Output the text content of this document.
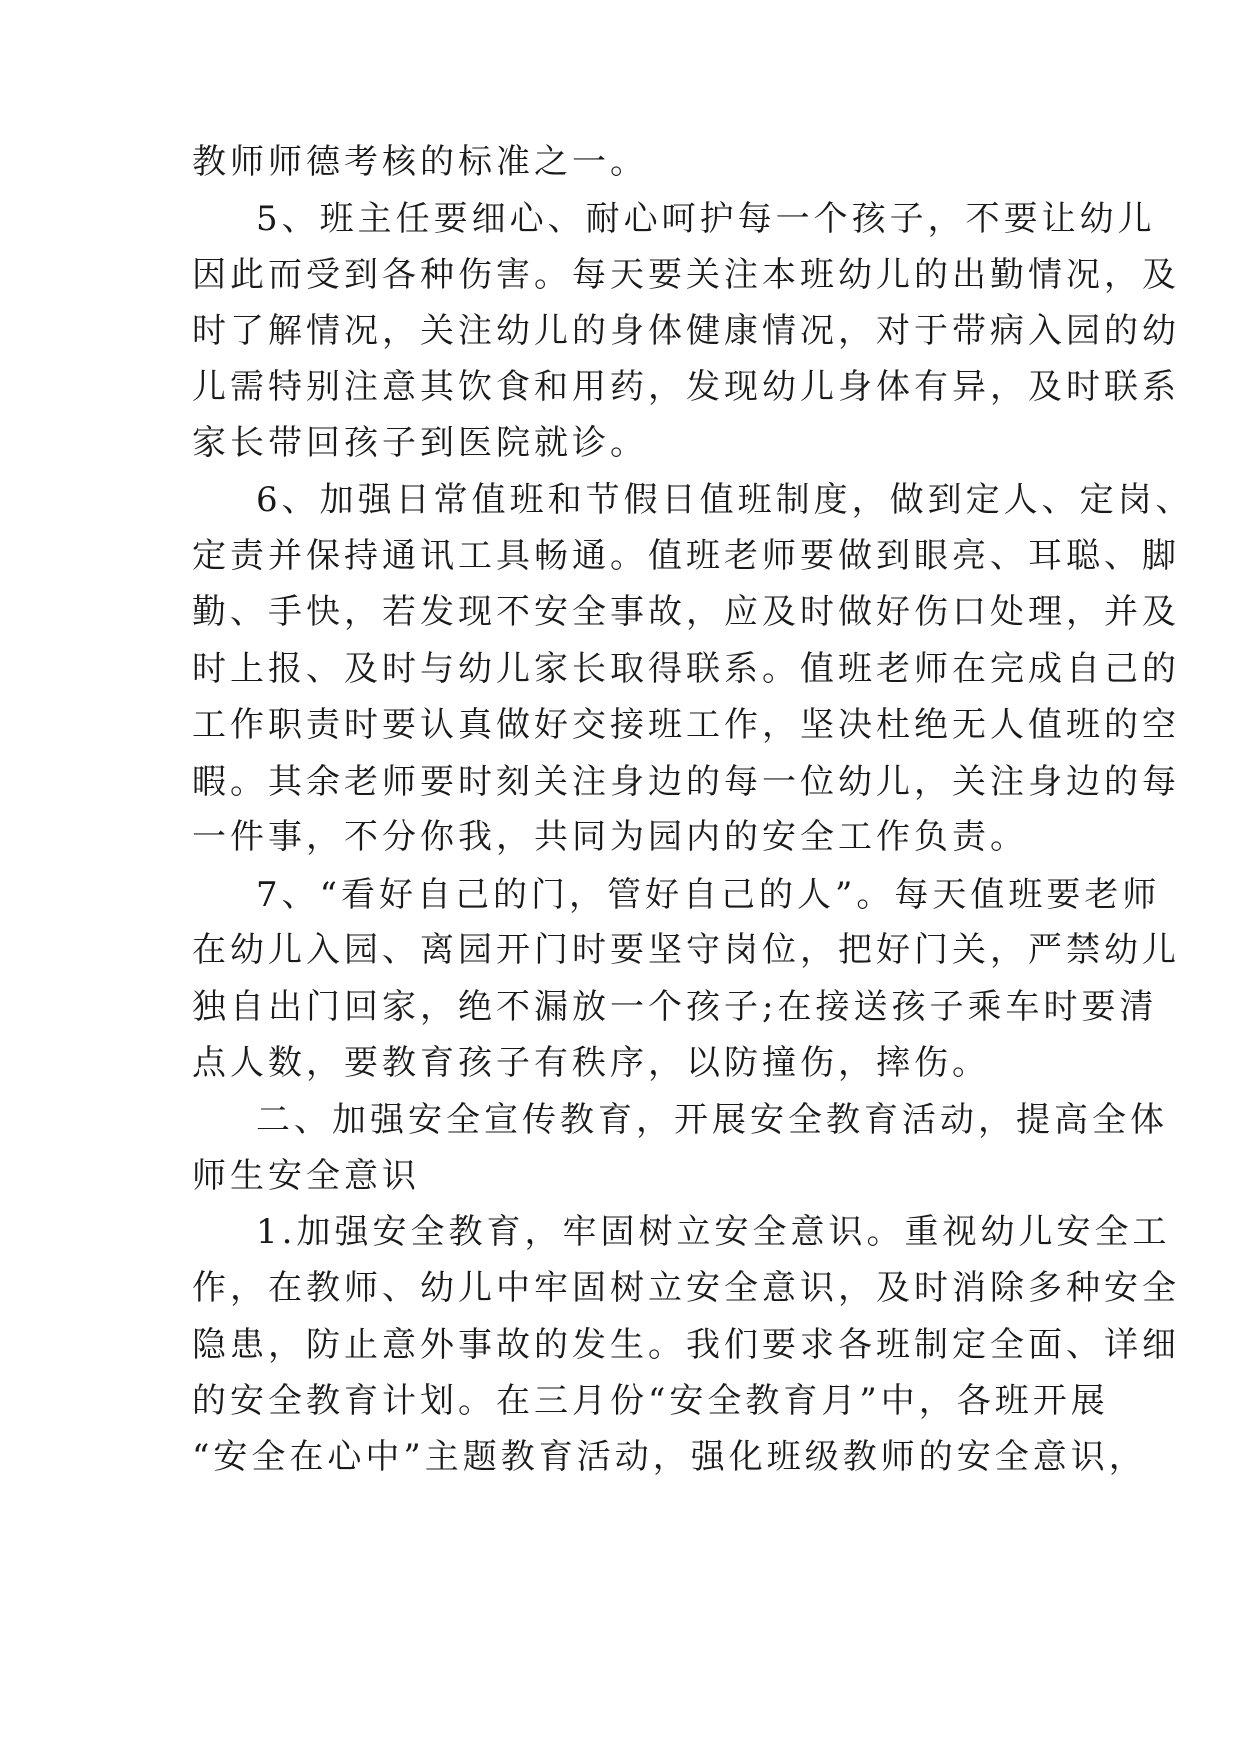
教师师德考核的标准之一。
5、班主任要细心、耐心呵护每一个孩子，不要让幼儿
因此而受到各种伤害。每天要关注本班幼儿的出勤情况，及
时了解情况，关注幼儿的身体健康情况，对于带病入园的幼
儿需特别注意其饮食和用药，发现幼儿身体有异，及时联系
家长带回孩子到医院就诊。
6、加强日常值班和节假日值班制度，做到定人、定岗、
定责并保持通讯工具畅通。值班老师要做到眼亮、耳聪、脚
勤、手快，若发现不安全事故，应及时做好伤口处理，并及
时上报、及时与幼儿家长取得联系。值班老师在完成自己的
工作职责时要认真做好交接班工作，坚决杜绝无人值班的空
暇。其余老师要时刻关注身边的每一位幼儿，关注身边的每
一件事，不分你我，共同为园内的安全工作负责。
7、“看好自己的门，管好自己的人”。每天值班要老师
在幼儿入园、离园开门时要坚守岗位，把好门关，严禁幼儿
独自出门回家，绝不漏放一个孩子;在接送孩子乘车时要清
点人数，要教育孩子有秩序，以防撞伤，摔伤。
二、加强安全宣传教育，开展安全教育活动，提高全体
师生安全意识
1.加强安全教育，牢固树立安全意识。重视幼儿安全工
作，在教师、幼儿中牢固树立安全意识，及时消除多种安全
隐患，防止意外事故的发生。我们要求各班制定全面、详细
的安全教育计划。在三月份“安全教育月”中，各班开展
“安全在心中”主题教育活动，强化班级教师的安全意识，
